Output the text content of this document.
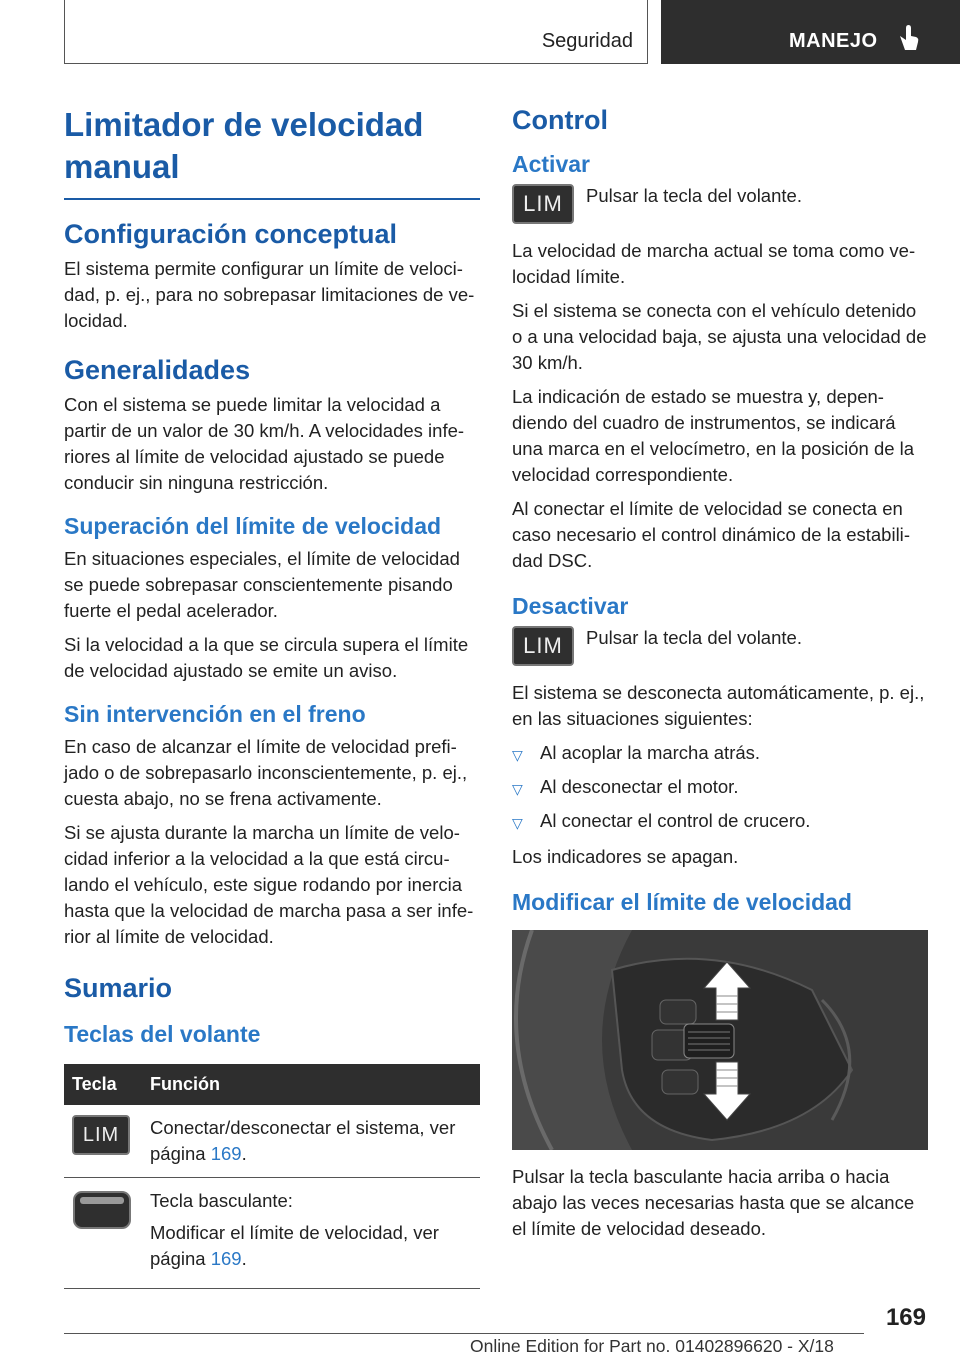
Seguridad	MANEJO
Limitador de velocidad manual
Configuración conceptual

El sistema permite configurar un límite de velocidad, p. ej., para no sobrepasar limitaciones de velocidad.

Generalidades

Con el sistema se puede limitar la velocidad a partir de un valor de 30 km/h. A velocidades inferiores al límite de velocidad ajustado se puede conducir sin ninguna restricción.

Superación del límite de velocidad

En situaciones especiales, el límite de velocidad se puede sobrepasar conscientemente pisando fuerte el pedal acelerador.

Si la velocidad a la que se circula supera el límite de velocidad ajustado se emite un aviso.

Sin intervención en el freno

En caso de alcanzar el límite de velocidad prefijado o de sobrepasarlo inconscientemente, p. ej., cuesta abajo, no se frena activamente.

Si se ajusta durante la marcha un límite de velocidad inferior a la velocidad a la que está circulando el vehículo, este sigue rodando por inercia hasta que la velocidad de marcha pasa a ser inferior al límite de velocidad.

Sumario
Teclas del volante
Tecla	Función
LIM	Conectar/desconectar el sistema, ver página 169.

Tecla basculante:

Modificar el límite de velocidad, ver página 169.

Control
Activar
LIM	Pulsar la tecla del volante.

La velocidad de marcha actual se toma como velocidad límite.

Si el sistema se conecta con el vehículo detenido o a una velocidad baja, se ajusta una velocidad de 30 km/h.

La indicación de estado se muestra y, dependiendo del cuadro de instrumentos, se indicará una marca en el velocímetro, en la posición de la velocidad correspondiente.

Al conectar el límite de velocidad se conecta en caso necesario el control dinámico de la estabilidad DSC.

Desactivar
LIM	Pulsar la tecla del volante.

El sistema se desconecta automáticamente, p. ej., en las situaciones siguientes:

▽ Al acoplar la marcha atrás.
▽ Al desconectar el motor.
▽ Al conectar el control de crucero.

Los indicadores se apagan.

Modificar el límite de velocidad

Pulsar la tecla basculante hacia arriba o hacia abajo las veces necesarias hasta que se alcance el límite de velocidad deseado.

169
Online Edition for Part no. 01402896620 - X/18
